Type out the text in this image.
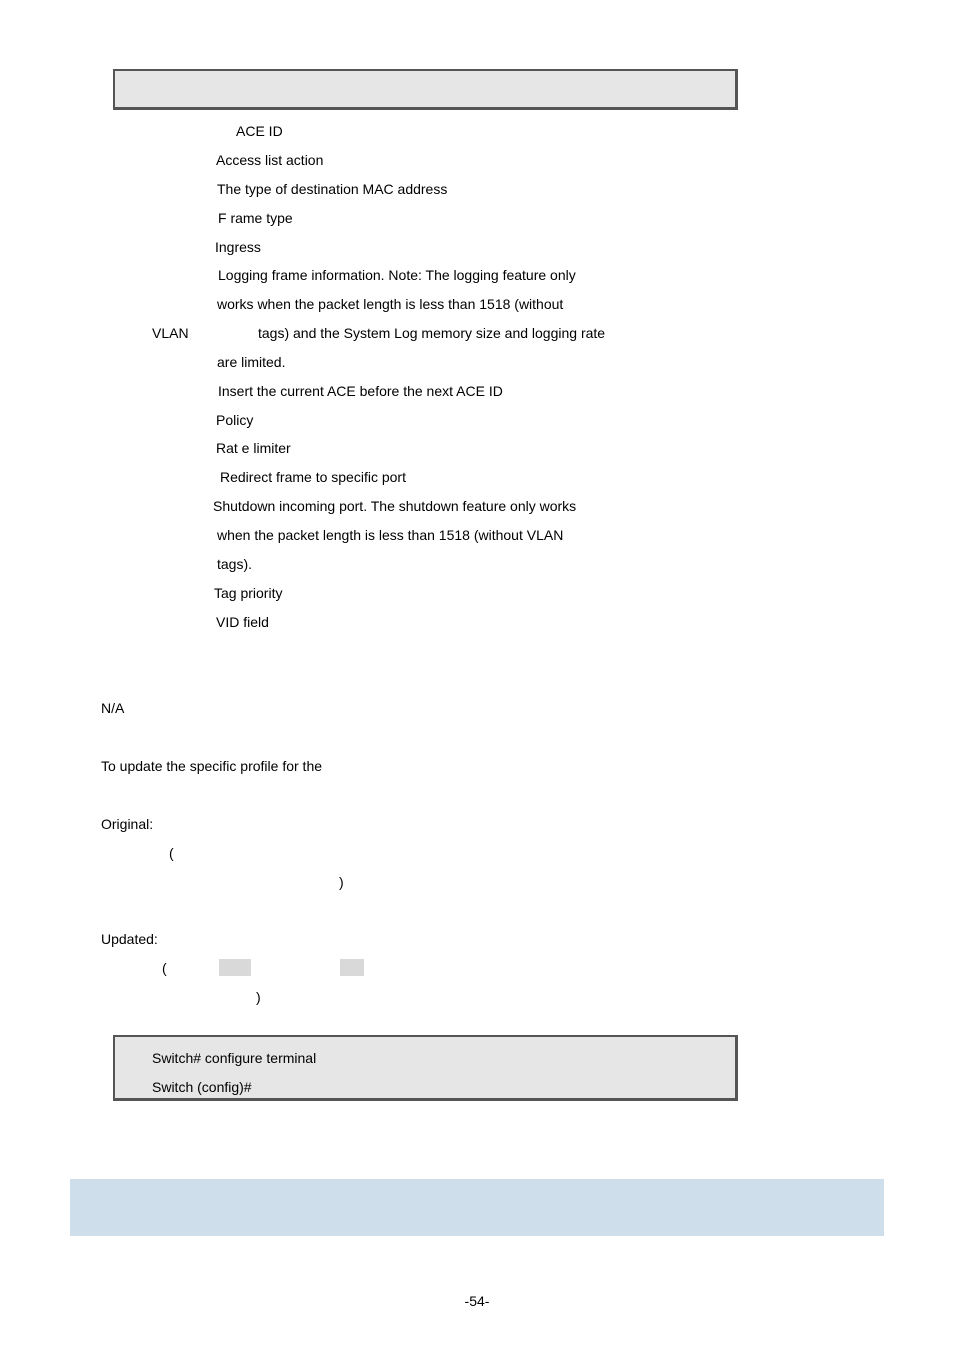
ACE ID
Access list action
The type of destination MAC address
F rame type
Ingress
Logging frame information. Note: The logging feature only
works when the packet length is less than 1518 (without
VLAN	tags) and the System Log memory size and logging rate
are limited.
Insert the current ACE before the next ACE ID
Policy
Rat e limiter
Redirect frame to specific port
Shutdown incoming port. The shutdown feature only works
when the packet length is less than 1518 (without VLAN
tags).
Tag priority
VID field
N/A
To update the specific profile for the
Original:
(
)
Updated:
(
)
Switch# configure terminal
Switch (config)#
-54-
